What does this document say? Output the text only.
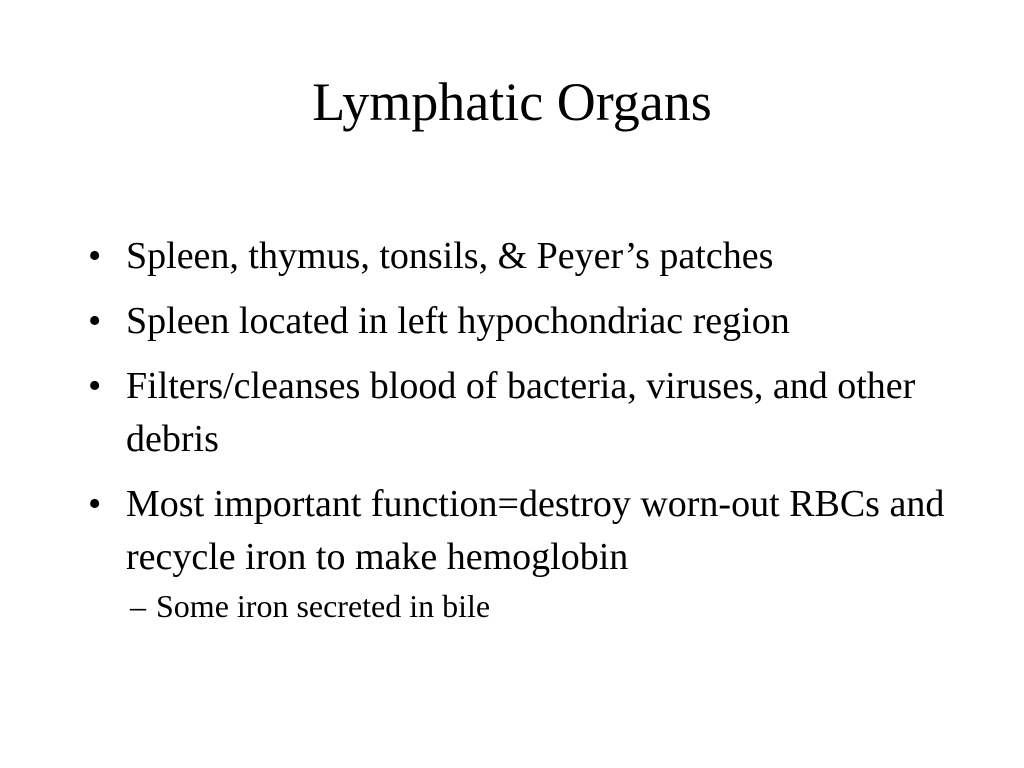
Lymphatic Organs
• Spleen, thymus, tonsils, & Peyer’s patches
• Spleen located in left hypochondriac region
• Filters/cleanses blood of bacteria, viruses, and other debris
• Most important function=destroy worn-out RBCs and recycle iron to make hemoglobin
– Some iron secreted in bile
